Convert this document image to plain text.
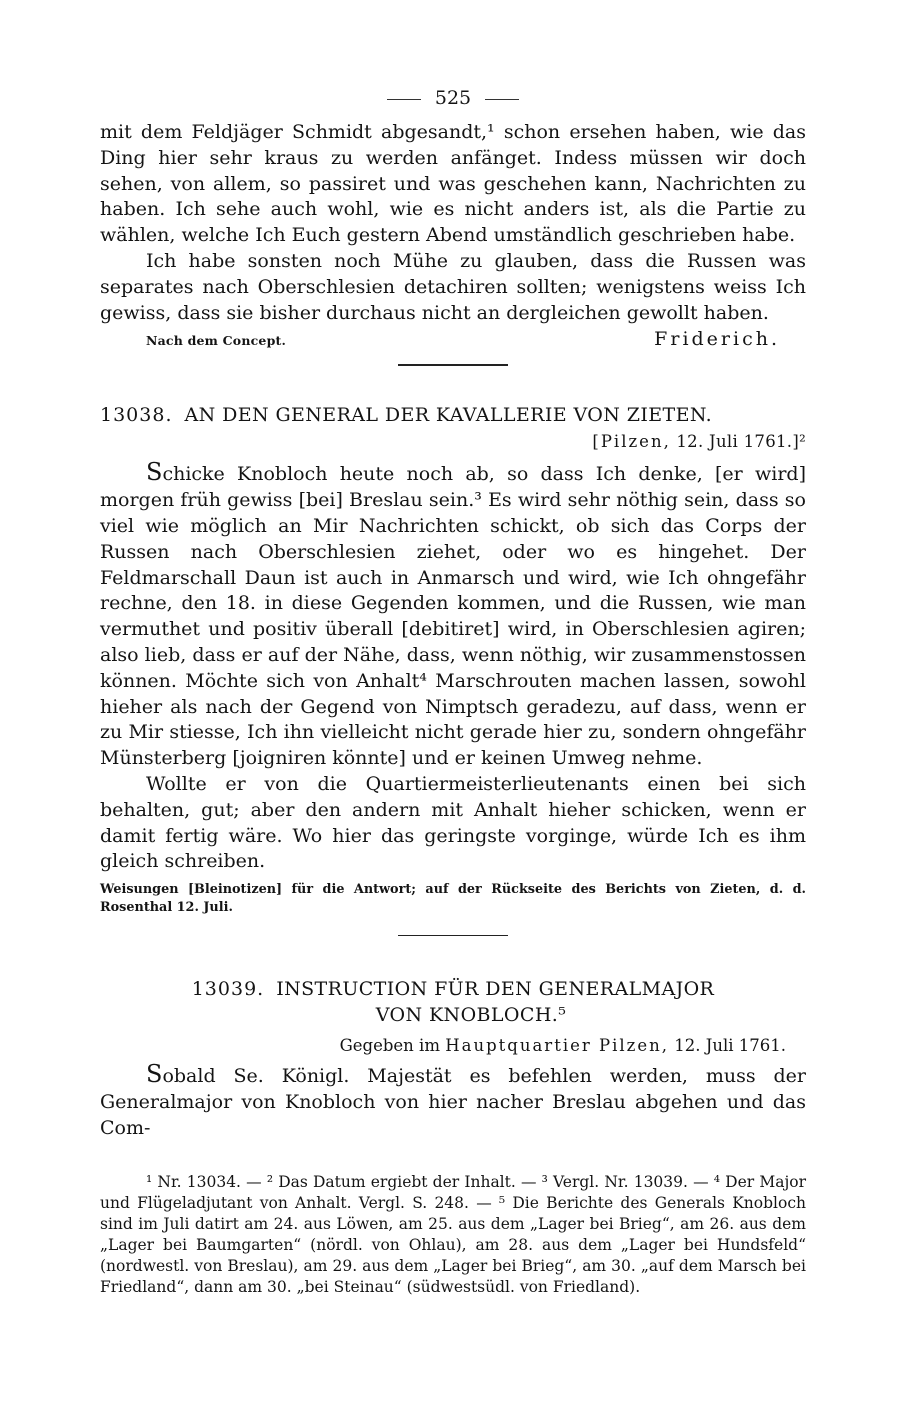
525

mit dem Feldjäger Schmidt abgesandt,¹ schon ersehen haben, wie das Ding hier sehr kraus zu werden anfänget. Indess müssen wir doch sehen, von allem, so passiret und was geschehen kann, Nachrichten zu haben. Ich sehe auch wohl, wie es nicht anders ist, als die Partie zu wählen, welche Ich Euch gestern Abend umständlich geschrieben habe.

Ich habe sonsten noch Mühe zu glauben, dass die Russen was separates nach Oberschlesien detachiren sollten; wenigstens weiss Ich gewiss, dass sie bisher durchaus nicht an dergleichen gewollt haben.

Nach dem Concept.	Friderich.
13038. AN DEN GENERAL DER KAVALLERIE VON ZIETEN.
[Pilzen, 12. Juli 1761.]²

Schicke Knobloch heute noch ab, so dass Ich denke, [er wird] morgen früh gewiss [bei] Breslau sein.³ Es wird sehr nöthig sein, dass so viel wie möglich an Mir Nachrichten schickt, ob sich das Corps der Russen nach Oberschlesien ziehet, oder wo es hingehet. Der Feldmarschall Daun ist auch in Anmarsch und wird, wie Ich ohngefähr rechne, den 18. in diese Gegenden kommen, und die Russen, wie man vermuthet und positiv überall [debitiret] wird, in Oberschlesien agiren; also lieb, dass er auf der Nähe, dass, wenn nöthig, wir zusammenstossen können. Möchte sich von Anhalt⁴ Marschrouten machen lassen, sowohl hieher als nach der Gegend von Nimptsch geradezu, auf dass, wenn er zu Mir stiesse, Ich ihn vielleicht nicht gerade hier zu, sondern ohngefähr Münsterberg [joigniren könnte] und er keinen Umweg nehme.

Wollte er von die Quartiermeisterlieutenants einen bei sich behalten, gut; aber den andern mit Anhalt hieher schicken, wenn er damit fertig wäre. Wo hier das geringste vorginge, würde Ich es ihm gleich schreiben.

Weisungen [Bleinotizen] für die Antwort; auf der Rückseite des Berichts von Zieten, d. d. Rosenthal 12. Juli.
13039. INSTRUCTION FÜR DEN GENERALMAJOR
VON KNOBLOCH.⁵
Gegeben im Hauptquartier Pilzen, 12. Juli 1761.

Sobald Se. Königl. Majestät es befehlen werden, muss der Generalmajor von Knobloch von hier nacher Breslau abgehen und das Com-

¹ Nr. 13034. — ² Das Datum ergiebt der Inhalt. — ³ Vergl. Nr. 13039. — ⁴ Der Major und Flügeladjutant von Anhalt. Vergl. S. 248. — ⁵ Die Berichte des Generals Knobloch sind im Juli datirt am 24. aus Löwen, am 25. aus dem „Lager bei Brieg“, am 26. aus dem „Lager bei Baumgarten“ (nördl. von Ohlau), am 28. aus dem „Lager bei Hundsfeld“ (nordwestl. von Breslau), am 29. aus dem „Lager bei Brieg“, am 30. „auf dem Marsch bei Friedland“, dann am 30. „bei Steinau“ (südwestsüdl. von Friedland).
